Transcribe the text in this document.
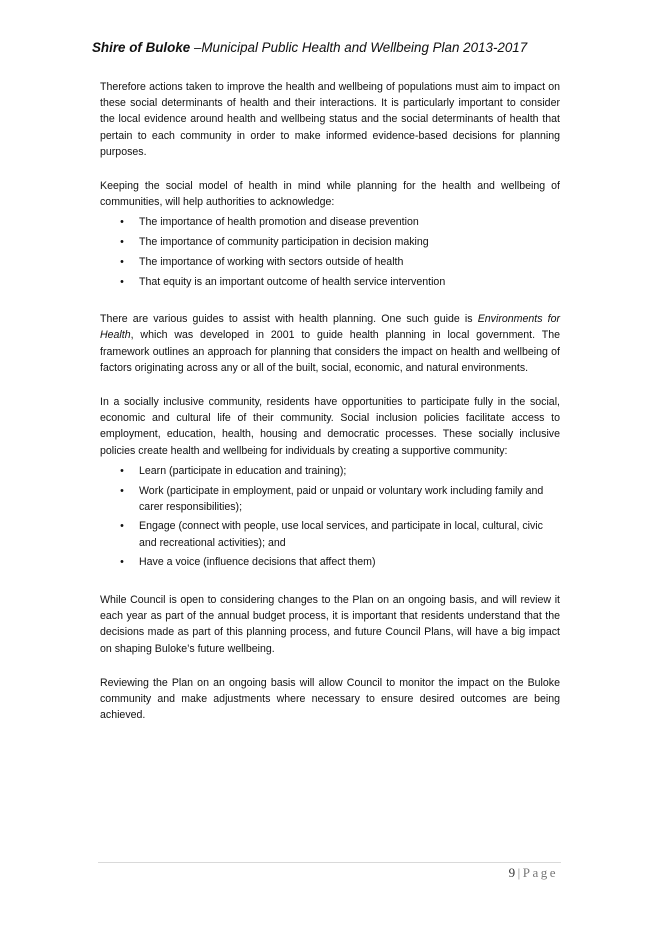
Shire of Buloke –Municipal Public Health and Wellbeing Plan 2013-2017

Therefore actions taken to improve the health and wellbeing of populations must aim to impact on these social determinants of health and their interactions. It is particularly important to consider the local evidence around health and wellbeing status and the social determinants of health that pertain to each community in order to make informed evidence-based decisions for planning purposes.

Keeping the social model of health in mind while planning for the health and wellbeing of communities, will help authorities to acknowledge:

• The importance of health promotion and disease prevention
• The importance of community participation in decision making
• The importance of working with sectors outside of health
• That equity is an important outcome of health service intervention

There are various guides to assist with health planning. One such guide is Environments for Health, which was developed in 2001 to guide health planning in local government. The framework outlines an approach for planning that considers the impact on health and wellbeing of factors originating across any or all of the built, social, economic, and natural environments.

In a socially inclusive community, residents have opportunities to participate fully in the social, economic and cultural life of their community. Social inclusion policies facilitate access to employment, education, health, housing and democratic processes. These socially inclusive policies create health and wellbeing for individuals by creating a supportive community:

• Learn (participate in education and training);
• Work (participate in employment, paid or unpaid or voluntary work including family and carer responsibilities);
• Engage (connect with people, use local services, and participate in local, cultural, civic and recreational activities); and
• Have a voice (influence decisions that affect them)

While Council is open to considering changes to the Plan on an ongoing basis, and will review it each year as part of the annual budget process, it is important that residents understand that the decisions made as part of this planning process, and future Council Plans, will have a big impact on shaping Buloke’s future wellbeing.

Reviewing the Plan on an ongoing basis will allow Council to monitor the impact on the Buloke community and make adjustments where necessary to ensure desired outcomes are being achieved.

9 | Page
